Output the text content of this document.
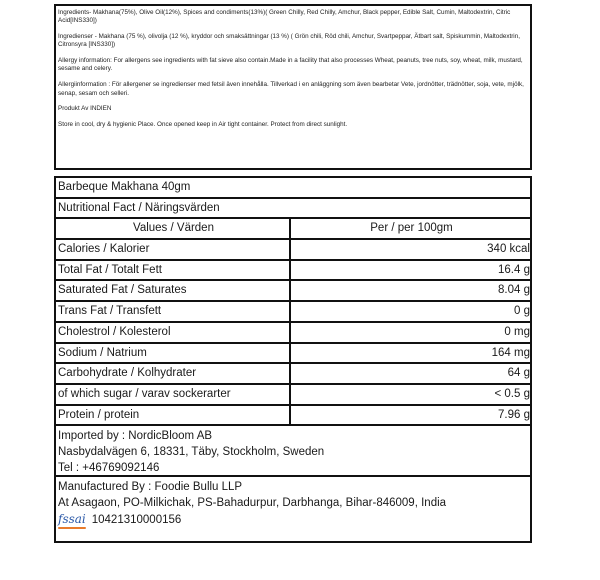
Ingredients- Makhana(75%), Olive Oil(12%), Spices and condiments(13%)( Green Chilly, Red Chilly, Amchur, Black pepper, Edible Salt, Cumin, Maltodextrin, Citric Acid[INS330])

Ingredienser - Makhana (75 %), olivolja (12 %), kryddor och smaksättningar (13 %) ( Grön chili, Röd chili, Amchur, Svartpeppar, Ätbart salt, Spiskummin, Maltodextrin, Citronsyra [INS330])

Allergy information: For allergens see ingredients with fat sieve also contain.Made in a facility that also processes Wheat, peanuts, tree nuts, soy, wheat, milk, mustard, sesame and celery.

Allergiinformation : För allergener se ingredienser med fetsil även innehålla. Tillverkad i en anläggning som även bearbetar Vete, jordnötter, trädnötter, soja, vete, mjölk, senap, sesam och selleri.

Produkt Av INDIEN

Store in cool, dry & hygienic Place. Once opened keep in Air tight container. Protect from direct sunlight.

Barbeque Makhana 40gm
Nutritional Fact / Näringsvärden
Values / Värden	Per / per 100gm
Calories / Kalorier	340 kcal
Total Fat / Totalt Fett	16.4 g
Saturated Fat / Saturates	8.04 g
Trans Fat / Transfett	0 g
Cholestrol / Kolesterol	0 mg
Sodium / Natrium	164 mg
Carbohydrate / Kolhydrater	64 g
of which sugar / varav sockerarter	< 0.5 g
Protein / protein	7.96 g
Imported by : NordicBloom AB
Nasbydalvägen 6, 18331, Täby, Stockholm, Sweden
Tel : +46769092146
Manufactured By : Foodie Bullu LLP
At Asagaon, PO-Milkichak, PS-Bahadurpur, Darbhanga, Bihar-846009, India
fssai 10421310000156
